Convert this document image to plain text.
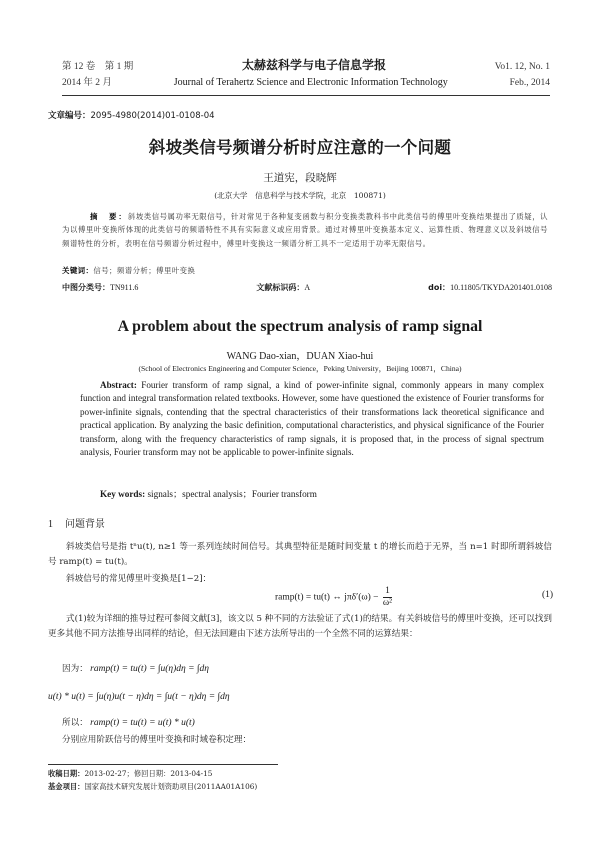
第 12 卷　第 1 期	太赫兹科学与电子信息学报	Vo1. 12, No. 1
2014 年 2 月	Journal of Terahertz Science and Electronic Information Technology	Feb., 2014
文章编号：2095-4980(2014)01-0108-04
斜坡类信号频谱分析时应注意的一个问题
王道宪，段晓辉
(北京大学　信息科学与技术学院，北京　100871)
摘　要：斜坡类信号属功率无限信号，针对常见于各种复变函数与积分变换类教科书中此类信号的傅里叶变换结果提出了质疑，认为以傅里叶变换所体现的此类信号的频谱特性不具有实际意义或应用背景。通过对傅里叶变换基本定义、运算性质、物理意义以及斜坡信号频谱特性的分析，表明在信号频谱分析过程中，傅里叶变换这一频谱分析工具不一定适用于功率无限信号。
关键词：信号；频谱分析；傅里叶变换
中图分类号：TN911.6	文献标识码：A	doi：10.11805/TKYDA201401.0108
A problem about the spectrum analysis of ramp signal
WANG Dao-xian，DUAN Xiao-hui
(School of Electronics Engineering and Computer Science，Peking University，Beijing 100871，China)
Abstract: Fourier transform of ramp signal, a kind of power-infinite signal, commonly appears in many complex function and integral transformation related textbooks. However, some have questioned the existence of Fourier transforms for power-infinite signals, contending that the spectral characteristics of their transformations lack theoretical significance and practical application. By analyzing the basic definition, computational characteristics, and physical significance of the Fourier transform, along with the frequency characteristics of ramp signals, it is proposed that, in the process of signal spectrum analysis, Fourier transform may not be applicable to power-infinite signals.
Key words: signals；spectral analysis；Fourier transform
1 问题背景
斜坡类信号是指 tⁿu(t), n≥1 等一系列连续时间信号。其典型特征是随时间变量 t 的增长而趋于无界，当 n=1 时即所谓斜坡信号 ramp(t) = tu(t)。
斜坡信号的常见傅里叶变换是[1−2]：
ramp(t) = tu(t) ↔ $j\pi\delta'(\omega) - \frac{1}{\text{ω²}}$	(1)
式(1)较为详细的推导过程可参阅文献[3]，该文以 5 种不同的方法验证了式(1)的结果。有关斜坡信号的傅里叶变换，还可以找到更多其他不同方法推导出同样的结论，但无法回避由下述方法所导出的一个全然不同的运算结果：
因为： ramp(t) = tu(t) = ∫u(η)dη = ∫dη
u(t) * u(t) = ∫u(η)u(t − η)dη = ∫u(t − η)dη = ∫dη
所以： ramp(t) = tu(t) = u(t) * u(t)
分别应用阶跃信号的傅里叶变换和时域卷积定理：
收稿日期：2013-02-27；修回日期：2013-04-15
基金项目：国家高技术研究发展计划资助项目(2011AA01A106)
